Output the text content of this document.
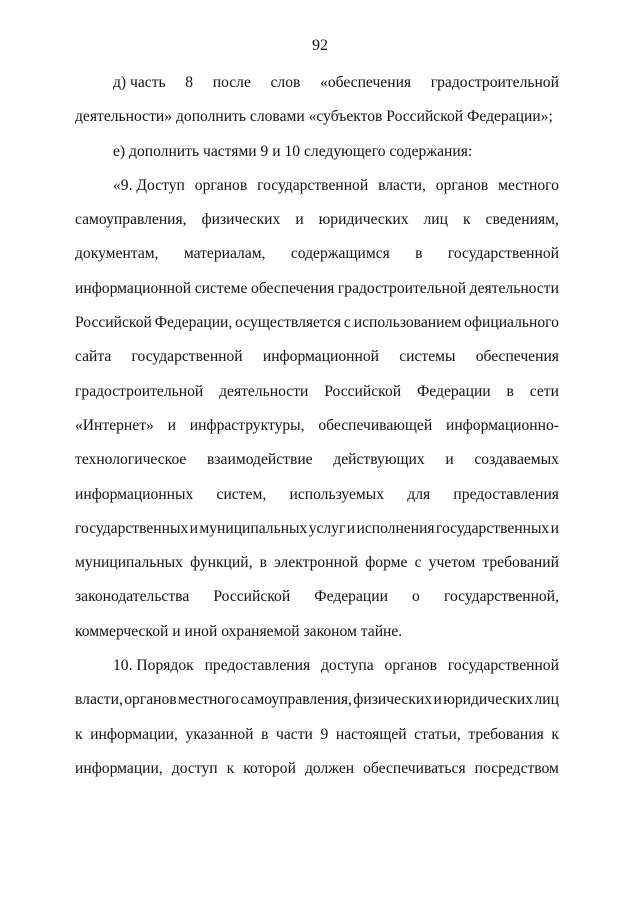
92
д) часть 8 после слов «обеспечения градостроительной
деятельности» дополнить словами «субъектов Российской Федерации»;
е) дополнить частями 9 и 10 следующего содержания:
«9. Доступ органов государственной власти, органов местного
самоуправления, физических и юридических лиц к сведениям,
документам, материалам, содержащимся в государственной
информационной системе обеспечения градостроительной деятельности
Российской Федерации, осуществляется с использованием официального
сайта государственной информационной системы обеспечения
градостроительной деятельности Российской Федерации в сети
«Интернет» и инфраструктуры, обеспечивающей информационно-
технологическое взаимодействие действующих и создаваемых
информационных систем, используемых для предоставления
государственных и муниципальных услуг и исполнения государственных и
муниципальных функций, в электронной форме с учетом требований
законодательства Российской Федерации о государственной,
коммерческой и иной охраняемой законом тайне.
10. Порядок предоставления доступа органов государственной
власти, органов местного самоуправления, физических и юридических лиц
к информации, указанной в части 9 настоящей статьи, требования к
информации, доступ к которой должен обеспечиваться посредством
